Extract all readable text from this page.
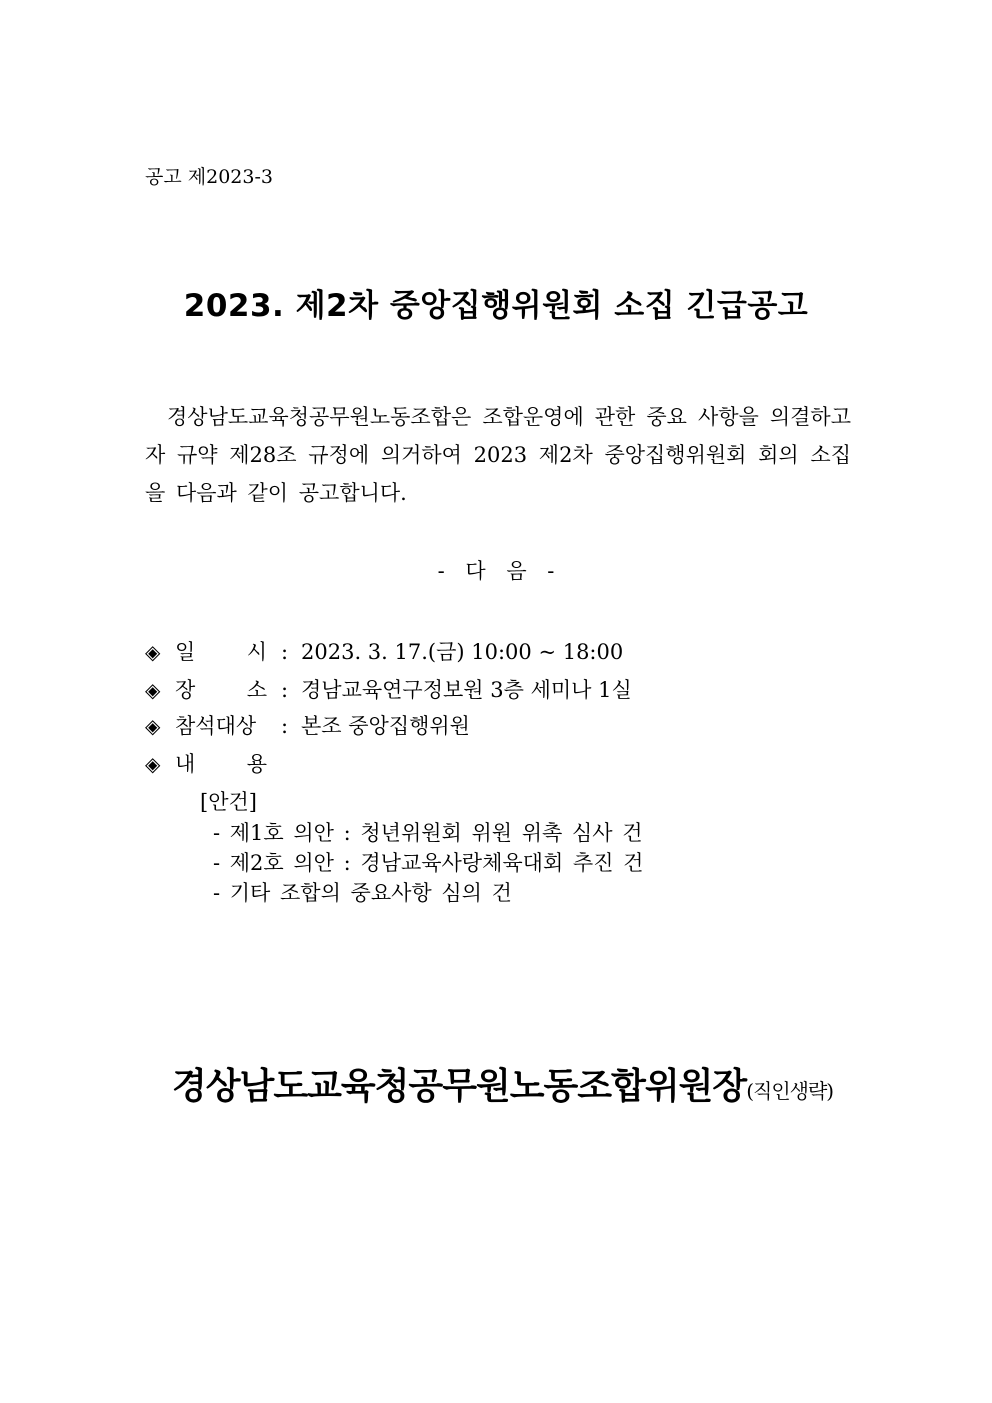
공고 제2023-3
2023. 제2차 중앙집행위원회 소집 긴급공고
경상남도교육청공무원노동조합은 조합운영에 관한 중요 사항을 의결하고자 규약 제28조 규정에 의거하여 2023 제2차 중앙집행위원회 회의 소집을 다음과 같이 공고합니다.
- 다 음 -
◈ 일 시 : 2023. 3. 17.(금) 10:00 ~ 18:00
◈ 장 소 : 경남교육연구정보원 3층 세미나 1실
◈ 참석대상	: 본조 중앙집행위원
◈ 내 용
[안건]
- 제1호 의안 : 청년위원회 위원 위촉 심사 건
- 제2호 의안 : 경남교육사랑체육대회 추진 건
- 기타 조합의 중요사항 심의 건
경상남도교육청공무원노동조합위원장(직인생략)
